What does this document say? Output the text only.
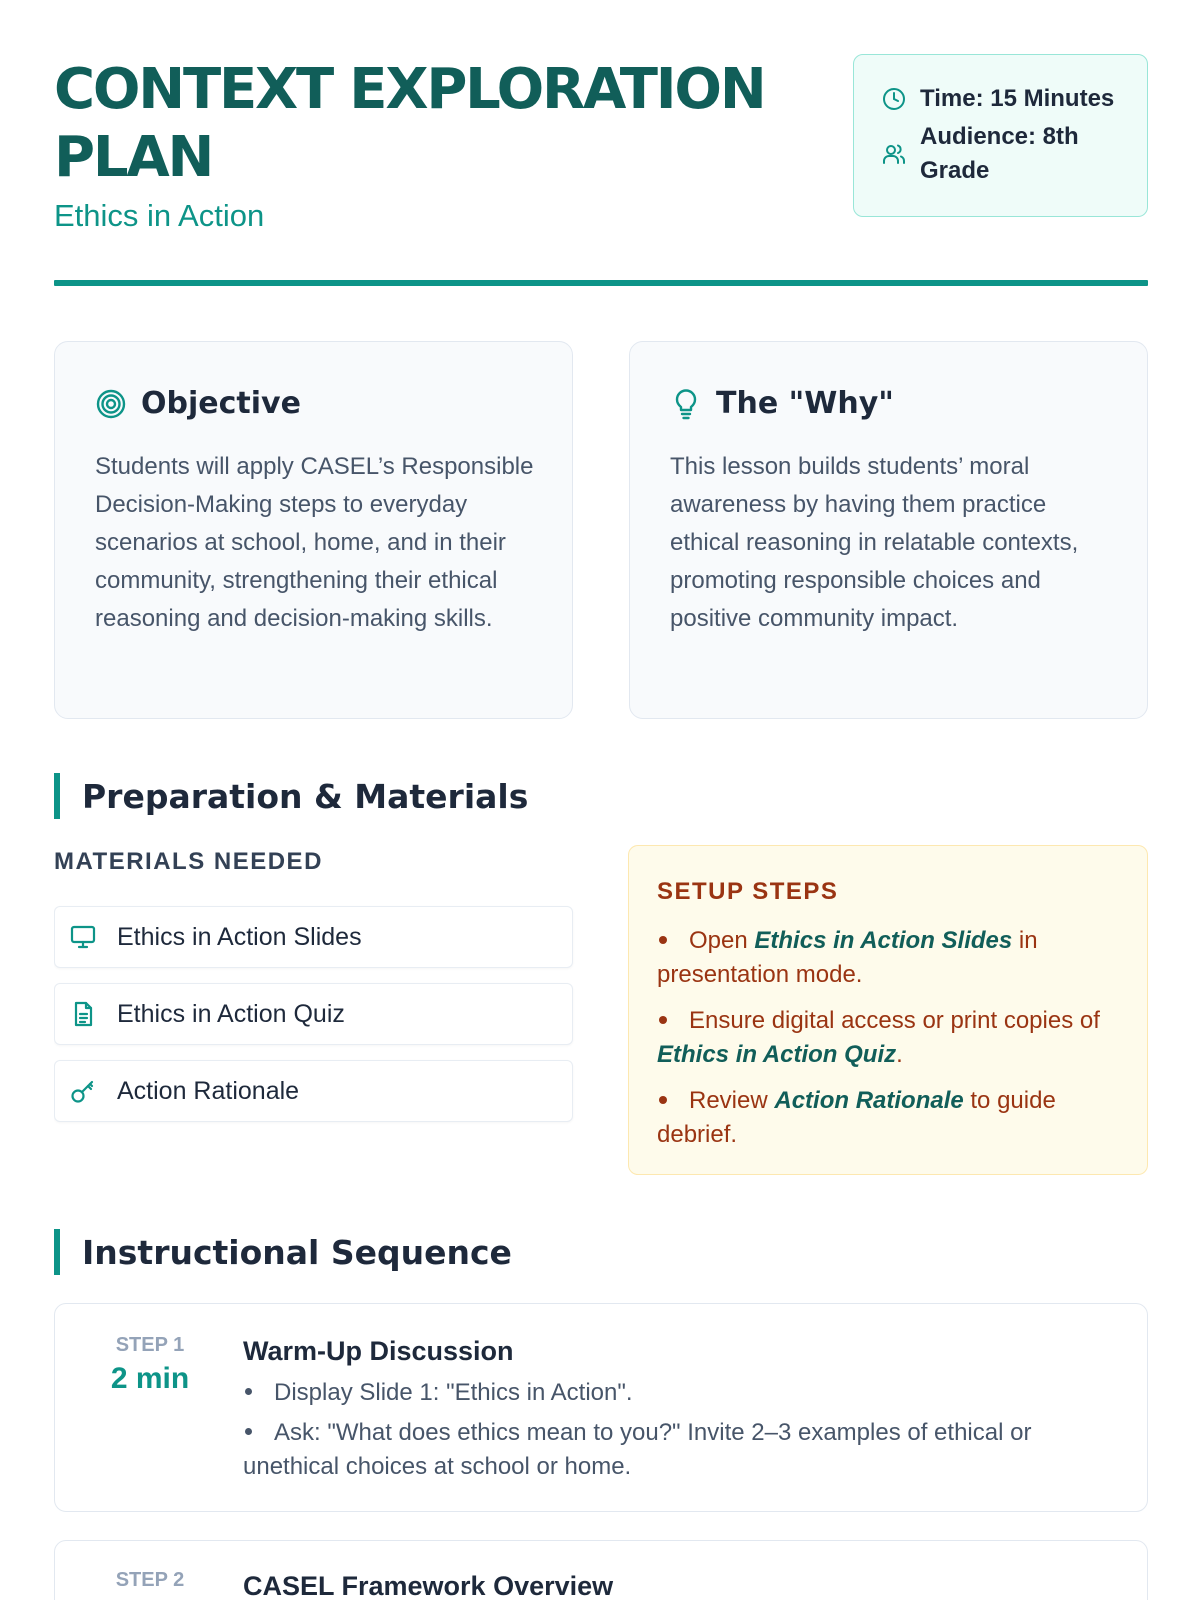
CONTEXT EXPLORATION
PLAN
Ethics in Action
Time: 15 Minutes
Audience: 8th Grade
Objective

Students will apply CASEL’s Responsible Decision-Making steps to everyday scenarios at school, home, and in their community, strengthening their ethical reasoning and decision-making skills.

The "Why"

This lesson builds students’ moral awareness by having them practice ethical reasoning in relatable contexts, promoting responsible choices and positive community impact.

Preparation & Materials
MATERIALS NEEDED
Ethics in Action Slides
Ethics in Action Quiz
Action Rationale
SETUP STEPS
Open Ethics in Action Slides in presentation mode.
Ensure digital access or print copies of Ethics in Action Quiz.
Review Action Rationale to guide debrief.
Instructional Sequence
STEP 1
2 min
Warm-Up Discussion
Display Slide 1: "Ethics in Action".
Ask: "What does ethics mean to you?" Invite 2–3 examples of ethical or unethical choices at school or home.
STEP 2 CASEL Framework Overview
